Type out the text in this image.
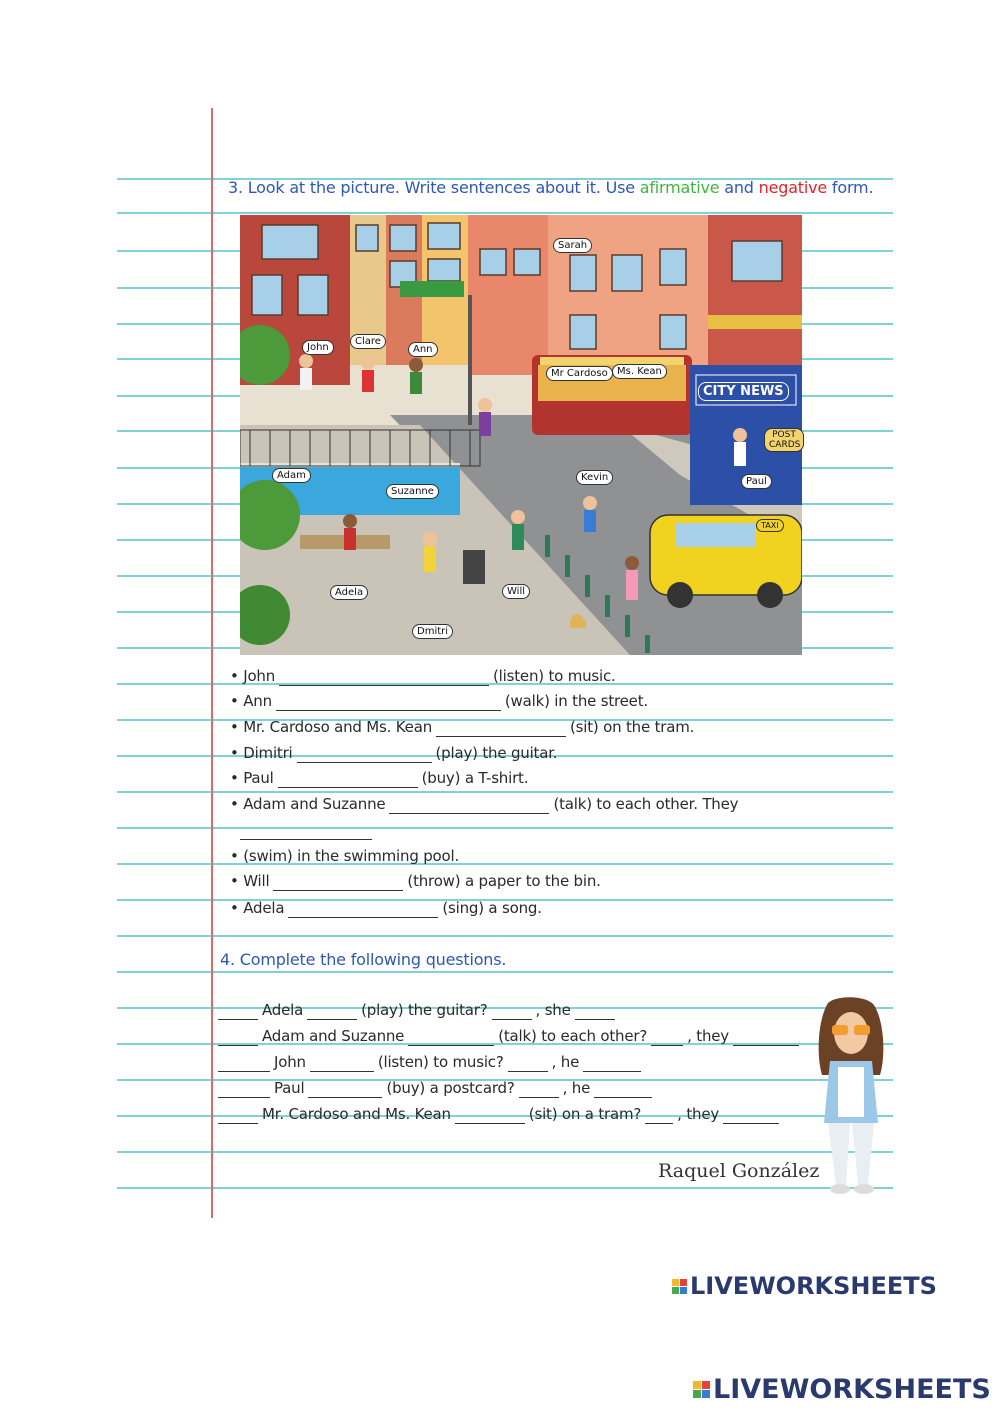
3. Look at the picture. Write sentences about it. Use afirmative and negative form.
Sarah
John
Clare
Ann
Mr Cardoso Ms. Kean
CITY NEWS
POST CARDS
Adam
Suzanne
Kevin	Paul
Adela	Will
Dmitri
TAXI
• John	(listen) to music.
• Ann	(walk) in the street.
• Mr. Cardoso and Ms. Kean	(sit) on the tram.
• Dimitri	(play) the guitar.
• Paul	(buy) a T-shirt.
• Adam and Suzanne	(talk) to each other. They
• (swim) in the swimming pool.
• Will	(throw) a paper to the bin.
• Adela	(sing) a song.
4. Complete the following questions.
Adela	(play) the guitar?	, she
Adam and Suzanne	(talk) to each other?	, they
John	(listen) to music?	, he
Paul	(buy) a postcard?	, he
Mr. Cardoso and Ms. Kean	(sit) on a tram? , they
Raquel González
LIVEWORKSHEETS
LIVEWORKSHEETS
